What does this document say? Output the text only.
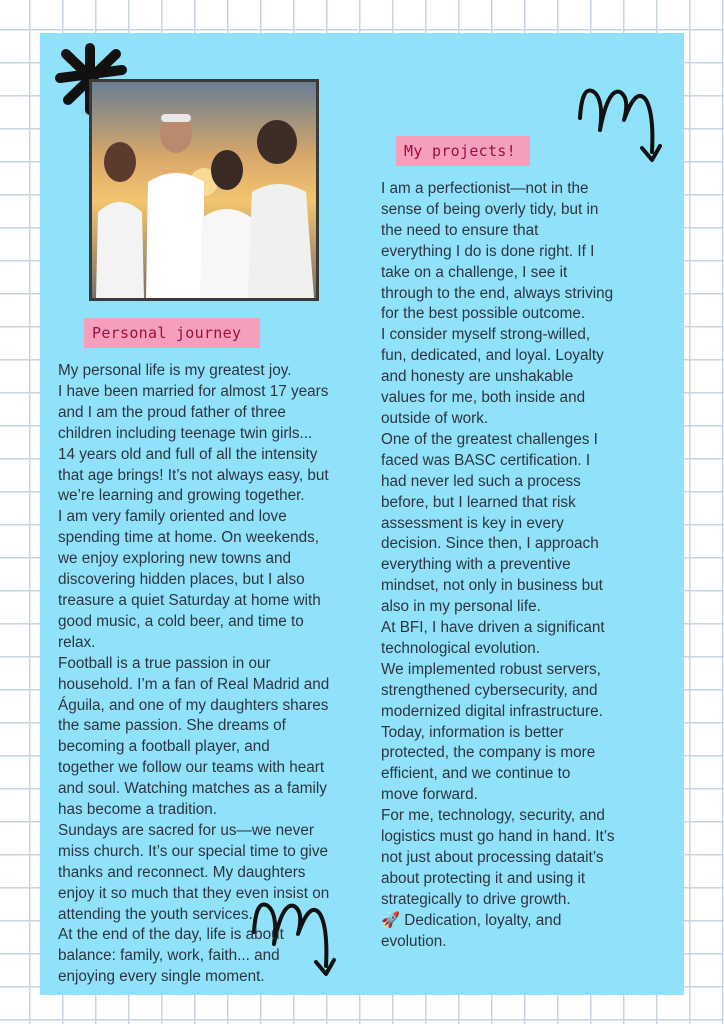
My projects!
Personal journey

My personal life is my greatest joy.

I have been married for almost 17 years

and I am the proud father of three

children including teenage twin girls...

14 years old and full of all the intensity

that age brings! It’s not always easy, but

we’re learning and growing together.

I am very family oriented and love

spending time at home. On weekends,

we enjoy exploring new towns and

discovering hidden places, but I also

treasure a quiet Saturday at home with

good music, a cold beer, and time to

relax.

Football is a true passion in our

household. I’m a fan of Real Madrid and

Águila, and one of my daughters shares

the same passion. She dreams of

becoming a football player, and

together we follow our teams with heart

and soul. Watching matches as a family

has become a tradition.

Sundays are sacred for us—we never

miss church. It’s our special time to give

thanks and reconnect. My daughters

enjoy it so much that they even insist on

attending the youth services.

At the end of the day, life is about

balance: family, work, faith... and

enjoying every single moment.

I am a perfectionist—not in the

sense of being overly tidy, but in

the need to ensure that

everything I do is done right. If I

take on a challenge, I see it

through to the end, always striving

for the best possible outcome.

I consider myself strong-willed,

fun, dedicated, and loyal. Loyalty

and honesty are unshakable

values for me, both inside and

outside of work.

One of the greatest challenges I

faced was BASC certification. I

had never led such a process

before, but I learned that risk

assessment is key in every

decision. Since then, I approach

everything with a preventive

mindset, not only in business but

also in my personal life.

At BFI, I have driven a significant

technological evolution.

We implemented robust servers,

strengthened cybersecurity, and

modernized digital infrastructure.

Today, information is better

protected, the company is more

efficient, and we continue to

move forward.

For me, technology, security, and

logistics must go hand in hand. It’s

not just about processing datait’s

about protecting it and using it

strategically to drive growth.

🚀 Dedication, loyalty, and

evolution.
